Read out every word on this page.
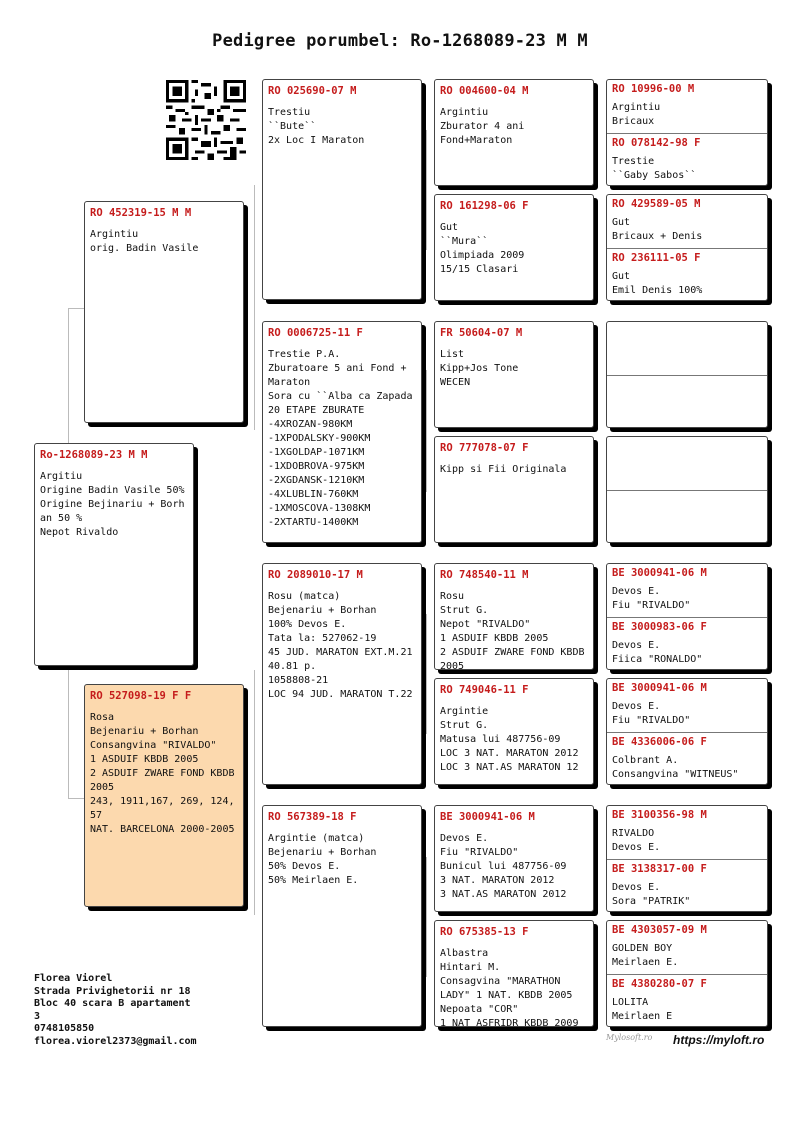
Pedigree porumbel: Ro-1268089-23 M M
Ro-1268089-23 M M
Argitiu
Origine Badin Vasile 50%
Origine Bejinariu + Borh
an 50 %
Nepot Rivaldo
RO 452319-15 M M
Argintiu
orig. Badin Vasile
RO 527098-19 F F
Rosa
Bejenariu + Borhan
Consangvina "RIVALDO"
1 ASDUIF KBDB 2005
2 ASDUIF ZWARE FOND KBDB
2005
243, 1911,167, 269, 124,
57
NAT. BARCELONA 2000-2005
RO 025690-07 M
Trestiu
``Bute``
2x Loc I Maraton
RO 0006725-11 F
Trestie P.A.
Zburatoare 5 ani Fond +
Maraton
Sora cu ``Alba ca Zapada
20 ETAPE ZBURATE
-4XROZAN-980KM
-1XPODALSKY-900KM
-1XGOLDAP-1071KM
-1XDOBROVA-975KM
-2XGDANSK-1210KM
-4XLUBLIN-760KM
-1XMOSCOVA-1308KM
-2XTARTU-1400KM
RO 2089010-17 M
Rosu (matca)
Bejenariu + Borhan
100% Devos E.
Tata la: 527062-19
45 JUD. MARATON EXT.M.21
40.81 p.
1058808-21
LOC 94 JUD. MARATON T.22
RO 567389-18 F
Argintie (matca)
Bejenariu + Borhan
50% Devos E.
50% Meirlaen E.
RO 004600-04 M
Argintiu
Zburator 4 ani
Fond+Maraton
RO 161298-06 F
Gut
``Mura``
Olimpiada 2009
15/15 Clasari
FR 50604-07 M
List
Kipp+Jos Tone
WECEN
RO 777078-07 F
Kipp si Fii Originala
RO 748540-11 M
Rosu
Strut G.
Nepot "RIVALDO"
1 ASDUIF KBDB 2005
2 ASDUIF ZWARE FOND KBDB
2005
RO 749046-11 F
Argintie
Strut G.
Matusa lui 487756-09
LOC 3 NAT. MARATON 2012
LOC 3 NAT.AS MARATON 12
BE 3000941-06 M
Devos E.
Fiu "RIVALDO"
Bunicul lui 487756-09
3 NAT. MARATON 2012
3 NAT.AS MARATON 2012
RO 675385-13 F
Albastra
Hintari M.
Consagvina "MARATHON
LADY" 1 NAT. KBDB 2005
Nepoata "COR"
1 NAT ASFRIDR KBDB 2009
RO 10996-00 M
Argintiu
Bricaux
RO 078142-98 F
Trestie
``Gaby Sabos``
RO 429589-05 M
Gut
Bricaux + Denis
RO 236111-05 F
Gut
Emil Denis 100%
BE 3000941-06 M
Devos E.
Fiu "RIVALDO"
BE 3000983-06 F
Devos E.
Fiica "RONALDO"
BE 3000941-06 M
Devos E.
Fiu "RIVALDO"
BE 4336006-06 F
Colbrant A.
Consangvina "WITNEUS"
BE 3100356-98 M
RIVALDO
Devos E.
BE 3138317-00 F
Devos E.
Sora "PATRIK"
BE 4303057-09 M
GOLDEN BOY
Meirlaen E.
BE 4380280-07 F
LOLITA
Meirlaen E
Florea Viorel
Strada Privighetorii nr 18
Bloc 40 scara B apartament
3
0748105850
florea.viorel2373@gmail.com	Mylosoft.ro https://myloft.ro
